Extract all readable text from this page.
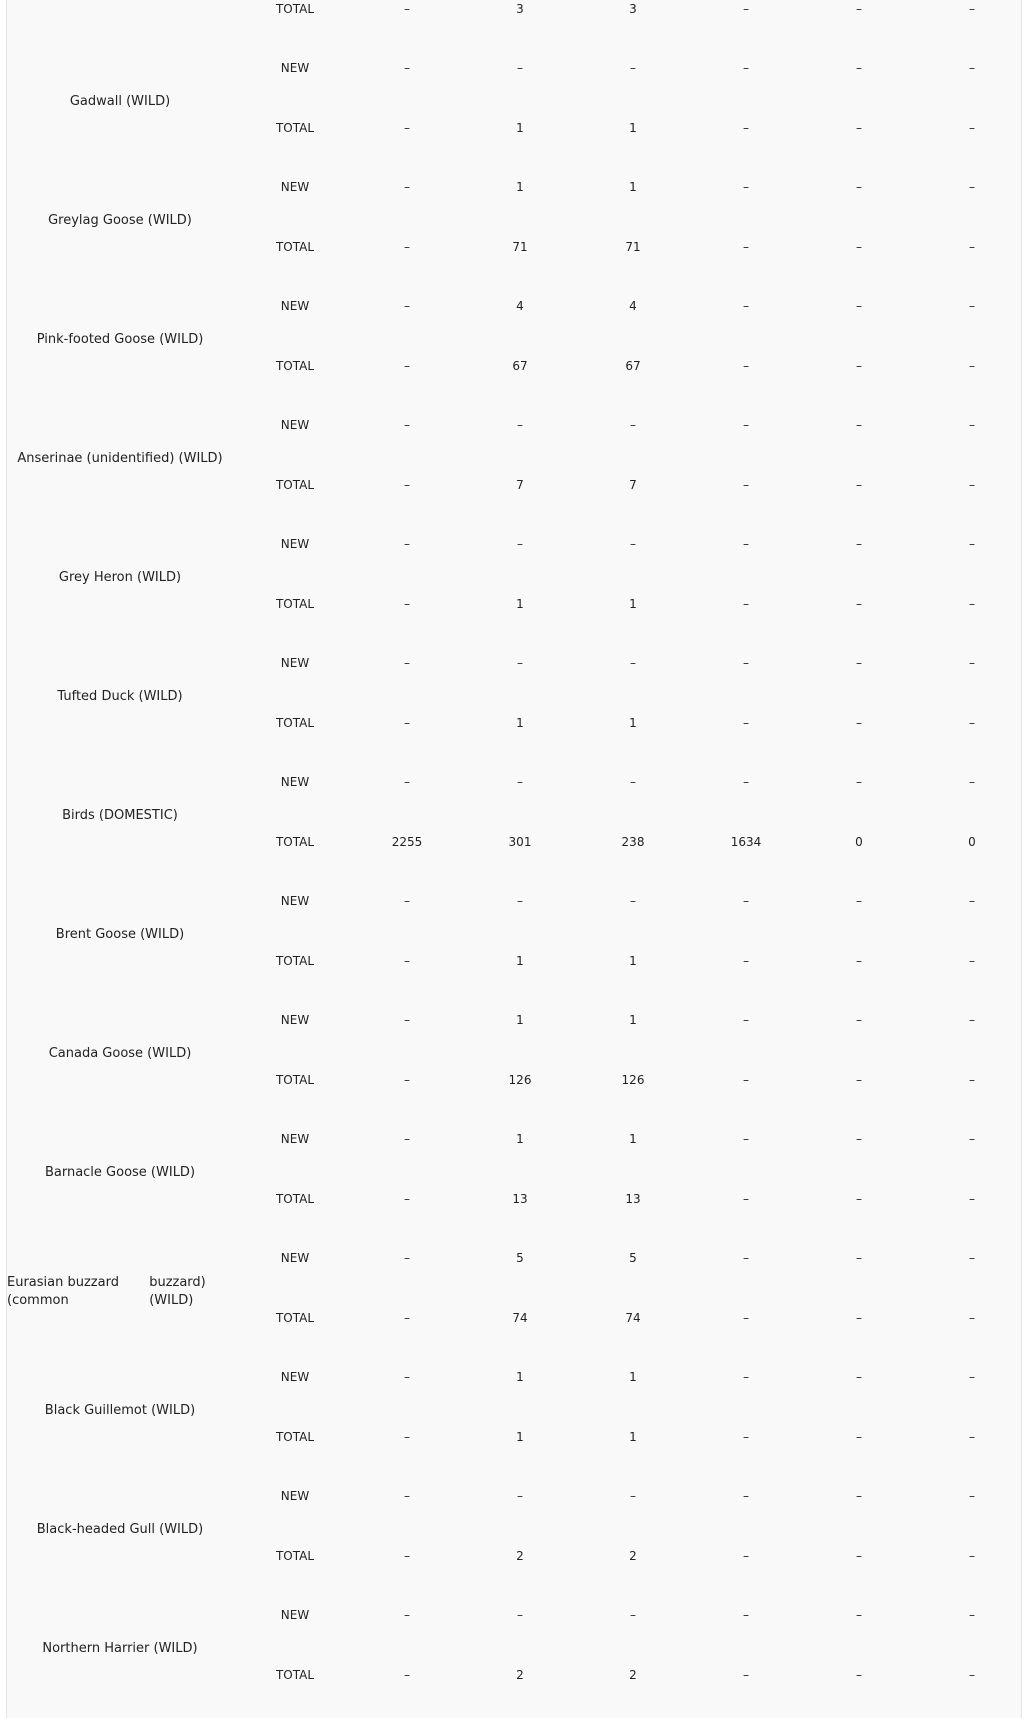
TOTAL	–	3	3	–	–	–
Gadwall (WILD)
NEW	–	–	–	–	–	–
TOTAL	–	1	1	–	–	–
Greylag Goose (WILD)
NEW	–	1	1	–	–	–
TOTAL	–	71	71	–	–	–
Pink-footed Goose (WILD)
NEW	–	4	4	–	–	–
TOTAL	–	67	67	–	–	–
Anserinae (unidentified) (WILD)
NEW	–	–	–	–	–	–
TOTAL	–	7	7	–	–	–
Grey Heron (WILD)
NEW	–	–	–	–	–	–
TOTAL	–	1	1	–	–	–
Tufted Duck (WILD)
NEW	–	–	–	–	–	–
TOTAL	–	1	1	–	–	–
Birds (DOMESTIC)
NEW	–	–	–	–	–	–
TOTAL	2255	301	238	1634	0	0
Brent Goose (WILD)
NEW	–	–	–	–	–	–
TOTAL	–	1	1	–	–	–
Canada Goose (WILD)
NEW	–	1	1	–	–	–
TOTAL	–	126	126	–	–	–
Barnacle Goose (WILD)
NEW	–	1	1	–	–	–
TOTAL	–	13	13	–	–	–
Eurasian buzzard (common
buzzard) (WILD)
NEW	–	5	5	–	–	–
TOTAL	–	74	74	–	–	–
Black Guillemot (WILD)
NEW	–	1	1	–	–	–
TOTAL	–	1	1	–	–	–
Black-headed Gull (WILD)
NEW	–	–	–	–	–	–
TOTAL	–	2	2	–	–	–
Northern Harrier (WILD)
NEW	–	–	–	–	–	–
TOTAL	–	2	2	–	–	–
